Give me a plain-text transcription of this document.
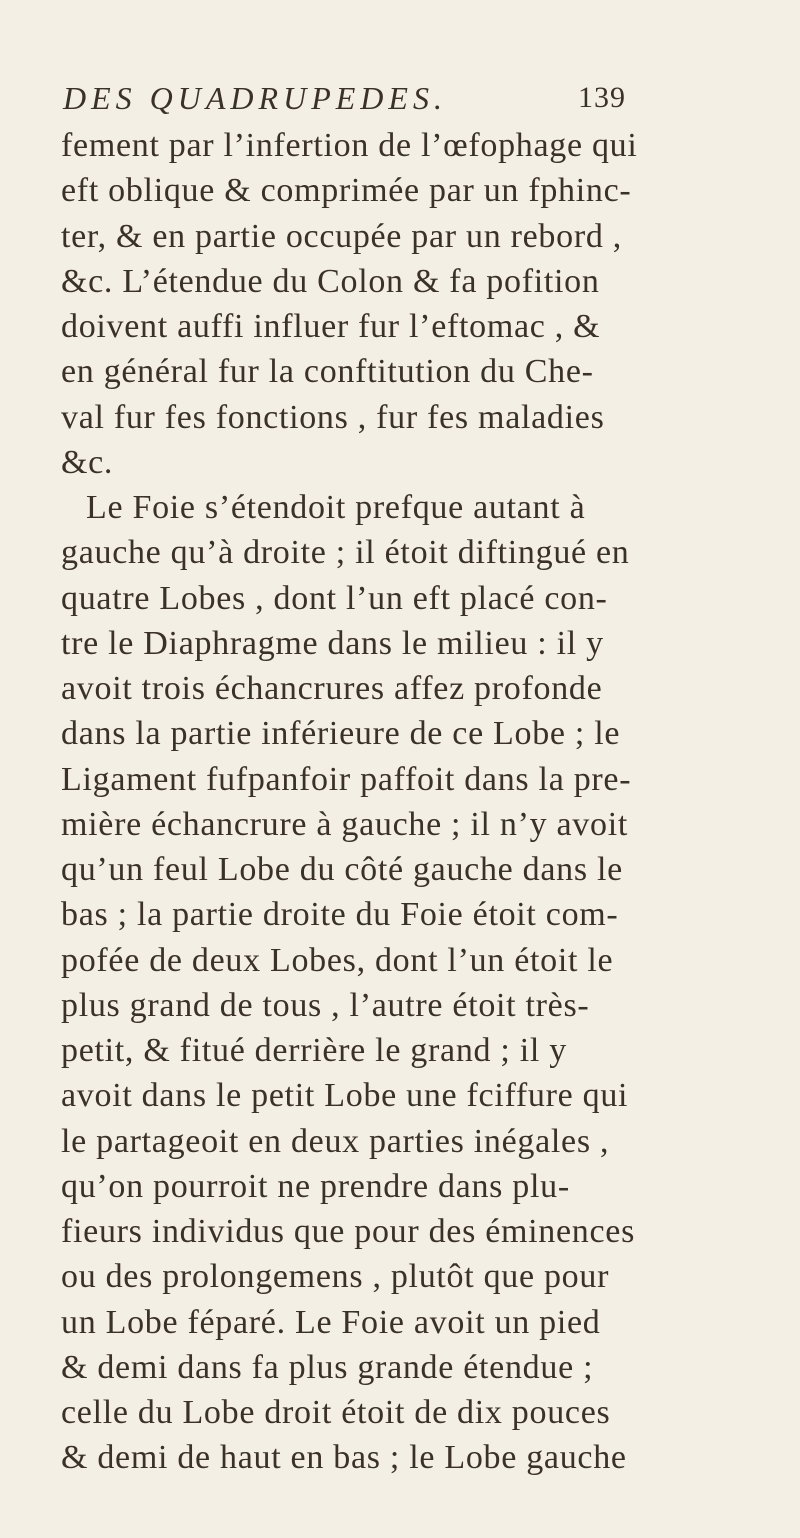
DES QUADRUPEDES.	139
fement par l’infertion de l’œfophage qui
eft oblique & comprimée par un fphinc-
ter, & en partie occupée par un rebord ,
&c. L’étendue du Colon & fa pofition
doivent auffi influer fur l’eftomac , &
en général fur la conftitution du Che-
val fur fes fonctions , fur fes maladies
&c.
Le Foie s’étendoit prefque autant à
gauche qu’à droite ; il étoit diftingué en
quatre Lobes , dont l’un eft placé con-
tre le Diaphragme dans le milieu : il y
avoit trois échancrures affez profonde
dans la partie inférieure de ce Lobe ; le
Ligament fufpanfoir paffoit dans la pre-
mière échancrure à gauche ; il n’y avoit
qu’un feul Lobe du côté gauche dans le
bas ; la partie droite du Foie étoit com-
pofée de deux Lobes, dont l’un étoit le
plus grand de tous , l’autre étoit très-
petit, & fitué derrière le grand ; il y
avoit dans le petit Lobe une fciffure qui
le partageoit en deux parties inégales ,
qu’on pourroit ne prendre dans plu-
fieurs individus que pour des éminences
ou des prolongemens , plutôt que pour
un Lobe féparé. Le Foie avoit un pied
& demi dans fa plus grande étendue ;
celle du Lobe droit étoit de dix pouces
& demi de haut en bas ; le Lobe gauche
